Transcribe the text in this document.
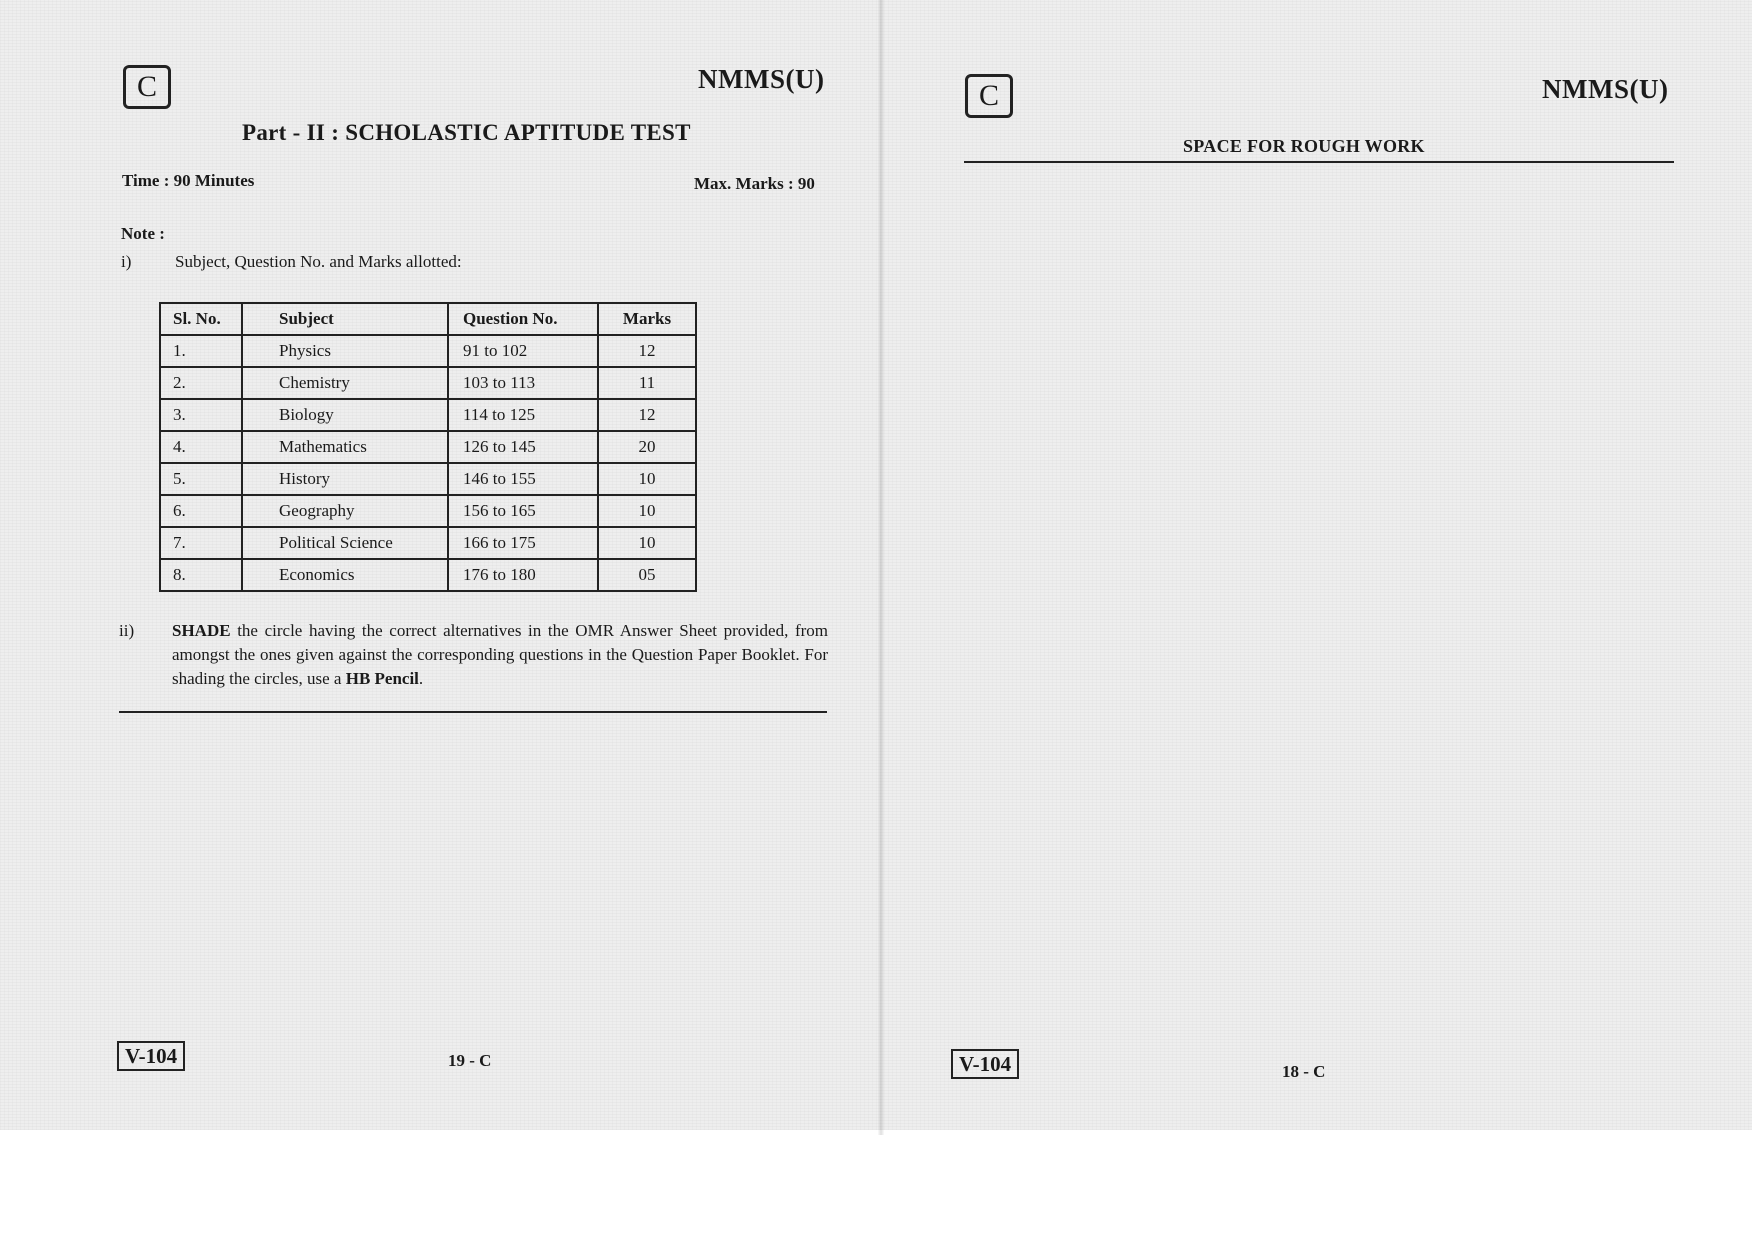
C	NMMS(U)
Part - II : SCHOLASTIC APTITUDE TEST
Time : 90 Minutes	Max. Marks : 90
Note :
i)	Subject, Question No. and Marks allotted:
Sl. No.	Subject	Question No.	Marks
1.	Physics	91 to 102	12
2.	Chemistry	103 to 113	11
3.	Biology	114 to 125	12
4.	Mathematics	126 to 145	20
5.	History	146 to 155	10
6.	Geography	156 to 165	10
7.	Political Science	166 to 175	10
8.	Economics	176 to 180	05
ii) SHADE the circle having the correct alternatives in the OMR Answer Sheet provided, from amongst the ones given against the corresponding questions in the Question Paper Booklet. For shading the circles, use a HB Pencil.
V-104	19 - C
C	NMMS(U)
SPACE FOR ROUGH WORK
V-104	18 - C
